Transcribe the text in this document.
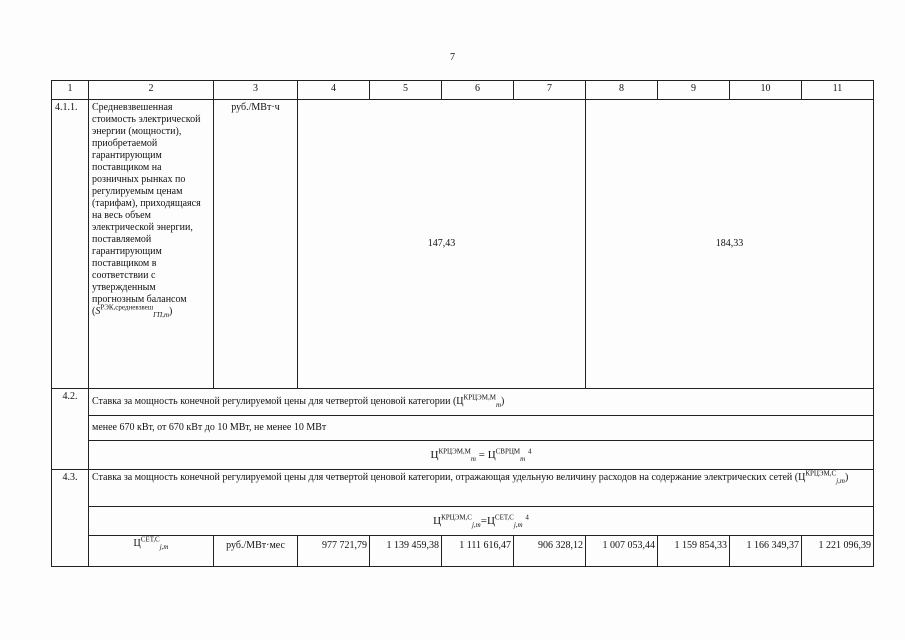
7
1	2	3	4	5	6	7	8	9	10	11
4.1.1.	Средневзвешенная стоимость электрической энергии (мощности), приобретаемой гарантирующим поставщиком на розничных рынках по регулируемым ценам (тарифам), приходящаяся на весь объем электрической энергии, поставляемой гарантирующим поставщиком в соответствии с утвержденным прогнозным балансом $(S^{РЭК,средневзвеш}_{ГП,m})$	руб./МВт·ч	147,43				184,33			
4.2.	Ставка за мощность конечной регулируемой цены для четвертой ценовой категории $(Ц^{КРЦЭМ,М}_m)$									
	менее 670 кВт, от 670 кВт до 10 МВт, не менее 10 МВт									
	$Ц^{КРЦЭМ,М}_m = Ц^{СВРЦМ}_m$ $^4$
4.3.	Ставка за мощность конечной регулируемой цены для четвертой ценовой категории, отражающая удельную величину расходов на содержание электрических сетей $(Ц^{КРЦЭМ,С}_{j,m})$									
	$Ц^{КРЦЭМ,С}_{j,m}=Ц^{СЕТ,С}_{j,m}$ $^4$
	$Ц^{СЕТ,С}_{j,m}$	руб./МВт·мес	977 721,79	1 139 459,38	1 111 616,47	906 328,12	1 007 053,44	1 159 854,33	1 166 349,37	1 221 096,39
